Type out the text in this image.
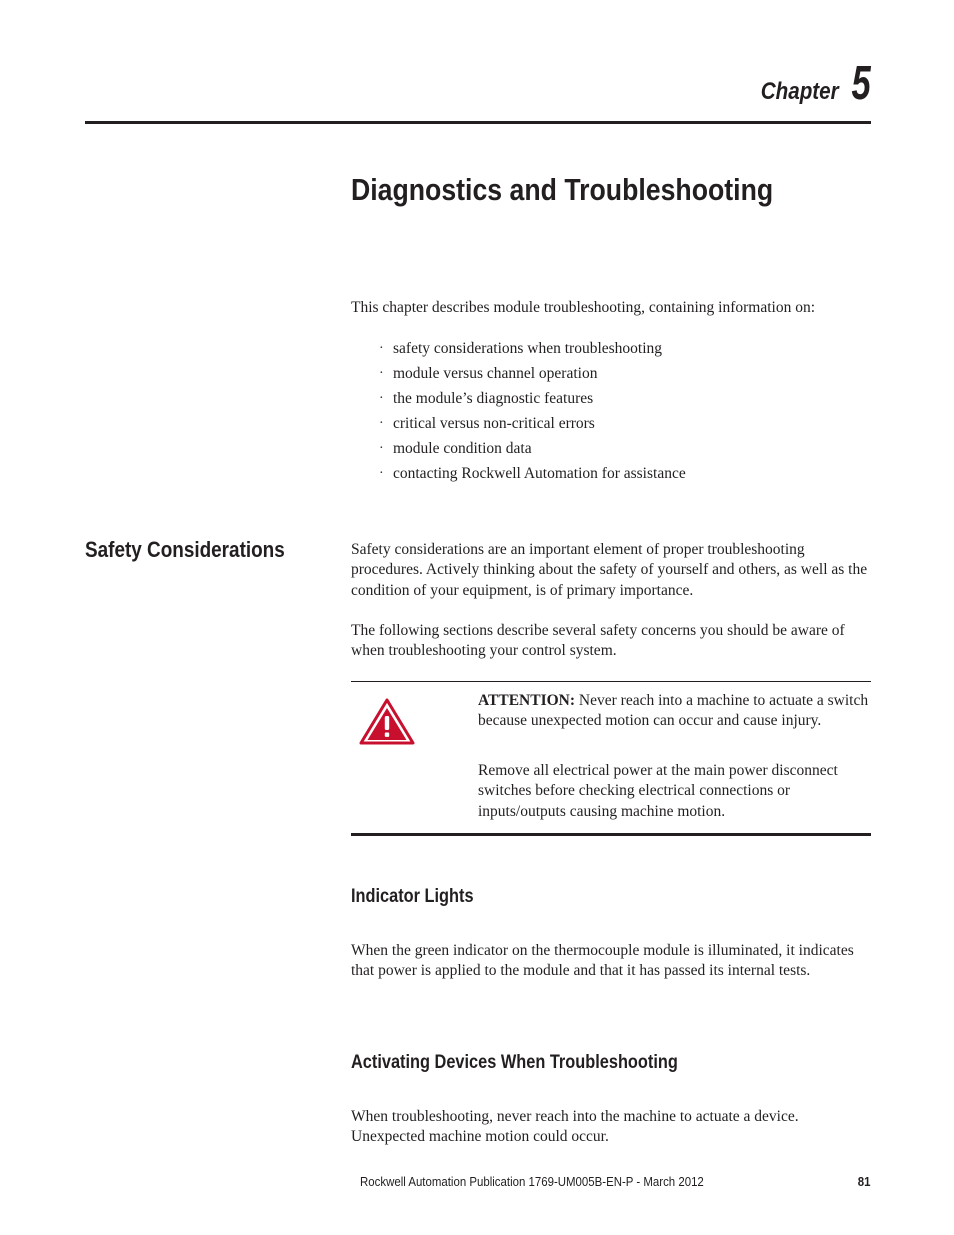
Chapter 5
Diagnostics and Troubleshooting
This chapter describes module troubleshooting, containing information on:
· safety considerations when troubleshooting
· module versus channel operation
· the module’s diagnostic features
· critical versus non-critical errors
· module condition data
· contacting Rockwell Automation for assistance
Safety Considerations	Safety considerations are an important element of proper troubleshooting procedures. Actively thinking about the safety of yourself and others, as well as the condition of your equipment, is of primary importance.
The following sections describe several safety concerns you should be aware of when troubleshooting your control system.
ATTENTION: Never reach into a machine to actuate a switch because unexpected motion can occur and cause injury.
Remove all electrical power at the main power disconnect switches before checking electrical connections or inputs/outputs causing machine motion.
Indicator Lights
When the green indicator on the thermocouple module is illuminated, it indicates that power is applied to the module and that it has passed its internal tests.
Activating Devices When Troubleshooting
When troubleshooting, never reach into the machine to actuate a device. Unexpected machine motion could occur.
Rockwell Automation Publication 1769-UM005B-EN-P - March 2012	81
